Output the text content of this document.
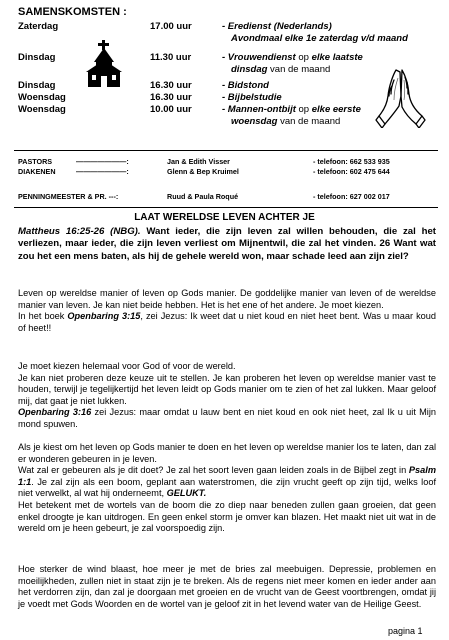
SAMENSKOMSTEN :
Zaterdag	17.00 uur	- Eredienst (Nederlands)
Avondmaal elke 1e zaterdag v/d maand
Dinsdag	11.30 uur	- Vrouwendienst op elke laatste
dinsdag van de maand
Dinsdag	16.30 uur	- Bidstond
Woensdag	16.30 uur	- Bijbelstudie
Woensdag	10.00 uur	- Mannen-ontbijt op elke eerste
woensdag van de maand
PASTORS	———————:	Jan & Edith Visser	- telefoon: 662 533 935
DIAKENEN	———————:	Glenn & Bep Kruimel	- telefoon: 602 475 644
PENNINGMEESTER & PR. ---:	Ruud & Paula Roqué	- telefoon: 627 002 017
LAAT WERELDSE LEVEN ACHTER JE

Mattheus 16:25-26 (NBG). Want ieder, die zijn leven zal willen behouden, die zal het verliezen, maar ieder, die zijn leven verliest om Mijnentwil, die zal het vinden. 26 Want wat zou het een mens baten, als hij de gehele wereld won, maar schade leed aan zijn ziel?

Leven op wereldse manier of leven op Gods manier. De goddelijke manier van leven of de wereldse manier van leven. Je kan niet beide hebben. Het is het ene of het andere. Je moet kiezen.

In het boek Openbaring 3:15, zei Jezus: Ik weet dat u niet koud en niet heet bent. Was u maar koud of heet!!

Je moet kiezen helemaal voor God of voor de wereld.

Je kan niet proberen deze keuze uit te stellen. Je kan proberen het leven op wereldse manier vast te houden, terwijl je tegelijkertijd het leven leidt op Gods manier om te zien of het zal lukken. Maar geloof mij, dat gaat je niet lukken.

Openbaring 3:16 zei Jezus: maar omdat u lauw bent en niet koud en ook niet heet, zal Ik u uit Mijn mond spuwen.

Als je kiest om het leven op Gods manier te doen en het leven op wereldse manier los te laten, dan zal er wonderen gebeuren in je leven.

Wat zal er gebeuren als je dit doet? Je zal het soort leven gaan leiden zoals in de Bijbel zegt in Psalm 1:1. Je zal zijn als een boom, geplant aan waterstromen, die zijn vrucht geeft op zijn tijd, welks loof niet verwelkt, al wat hij onderneemt, GELUKT.

Het betekent met de wortels van de boom die zo diep naar beneden zullen gaan groeien, dat geen enkel droogte je kan uitdrogen. En geen enkel storm je omver kan blazen. Het maakt niet uit wat in de wereld om je heen gebeurt, je zal voorspoedig zijn.

Hoe sterker de wind blaast, hoe meer je met de bries zal meebuigen. Depressie, problemen en moeilijkheden, zullen niet in staat zijn je te breken. Als de regens niet meer komen en ieder ander aan het verdorren zijn, dan zal je doorgaan met groeien en de vrucht van de Geest voortbrengen, omdat jij je voedt met Gods Woorden en de wortel van je geloof zit in het levend water van de Heilige Geest.

pagina 1
